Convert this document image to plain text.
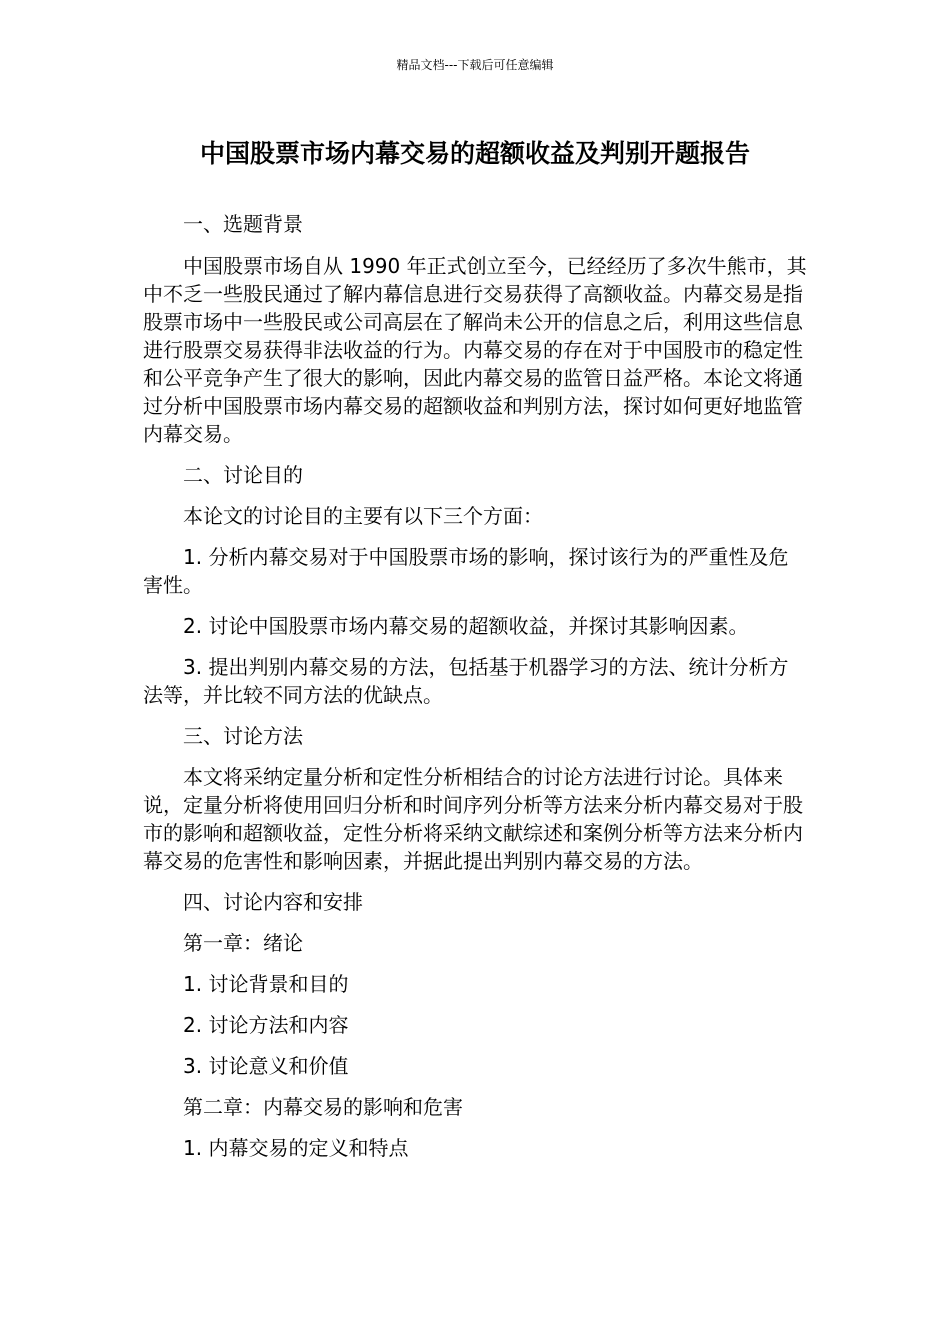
精品文档---下载后可任意编辑
中国股票市场内幕交易的超额收益及判别开题报告

一、选题背景

中国股票市场自从 1990 年正式创立至今，已经经历了多次牛熊市，其中不乏一些股民通过了解内幕信息进行交易获得了高额收益。内幕交易是指股票市场中一些股民或公司高层在了解尚未公开的信息之后，利用这些信息进行股票交易获得非法收益的行为。内幕交易的存在对于中国股市的稳定性和公平竞争产生了很大的影响，因此内幕交易的监管日益严格。本论文将通过分析中国股票市场内幕交易的超额收益和判别方法，探讨如何更好地监管内幕交易。

二、讨论目的

本论文的讨论目的主要有以下三个方面：

1. 分析内幕交易对于中国股票市场的影响，探讨该行为的严重性及危害性。

2. 讨论中国股票市场内幕交易的超额收益，并探讨其影响因素。

3. 提出判别内幕交易的方法，包括基于机器学习的方法、统计分析方法等，并比较不同方法的优缺点。

三、讨论方法

本文将采纳定量分析和定性分析相结合的讨论方法进行讨论。具体来说，定量分析将使用回归分析和时间序列分析等方法来分析内幕交易对于股市的影响和超额收益，定性分析将采纳文献综述和案例分析等方法来分析内幕交易的危害性和影响因素，并据此提出判别内幕交易的方法。

四、讨论内容和安排

第一章：绪论

1. 讨论背景和目的

2. 讨论方法和内容

3. 讨论意义和价值

第二章：内幕交易的影响和危害

1. 内幕交易的定义和特点
